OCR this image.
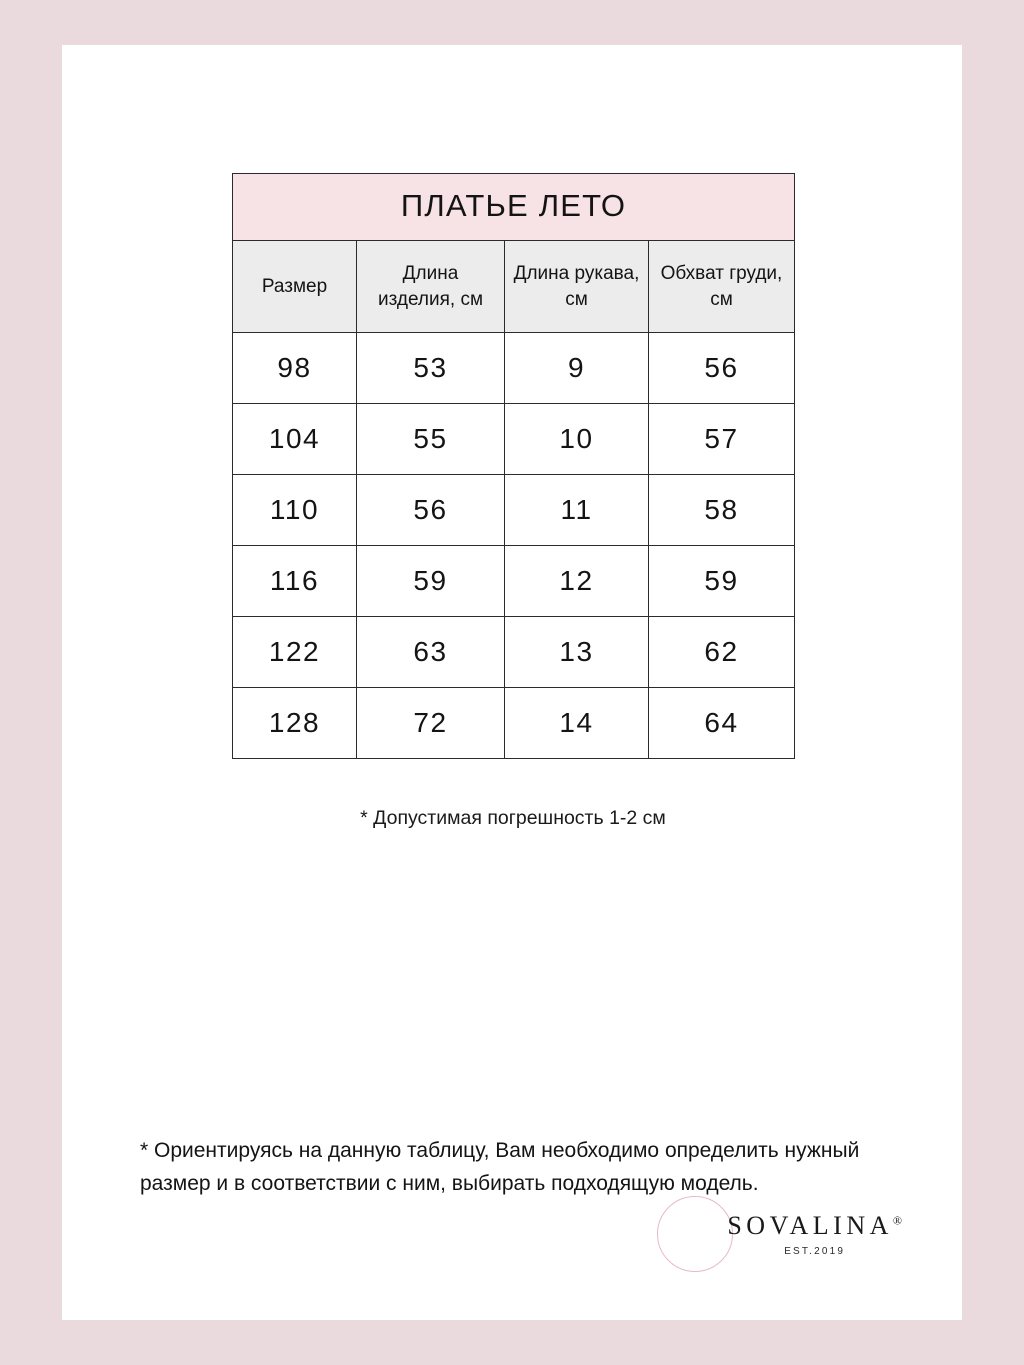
ПЛАТЬЕ ЛЕТО			
Размер	Длина изделия, см	Длина рукава, см	Обхват груди, см
98	53	9	56
104	55	10	57
110	56	11	58
116	59	12	59
122	63	13	62
128	72	14	64
* Допустимая погрешность 1-2 см
* Ориентируясь на данную таблицу, Вам необходимо определить нужный размер и в соответствии с ним, выбирать подходящую модель.
SOVALINA®
EST.2019
